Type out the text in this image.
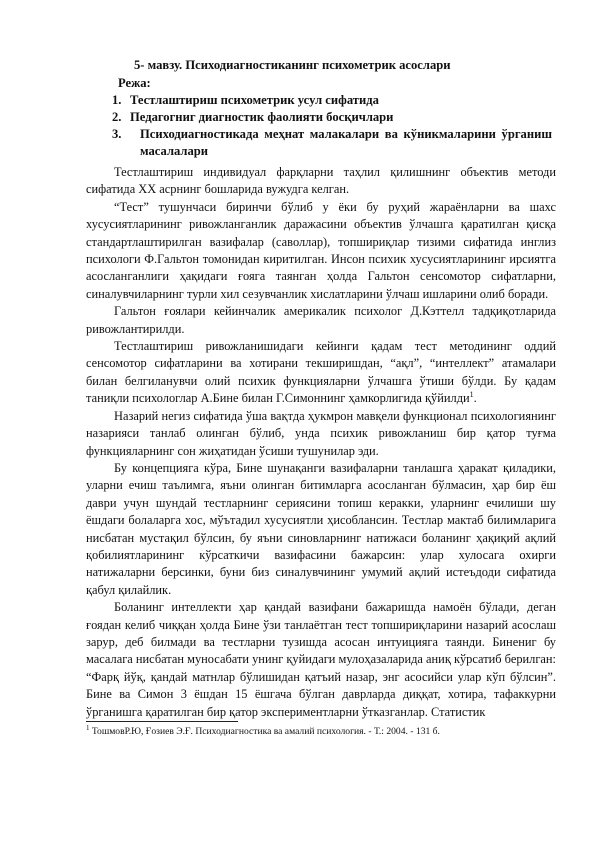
5- мавзу. Психодиагностиканинг психометрик асослари
Режа:
1. Тестлаштириш психометрик усул сифатида
2. Педагогниг диагностик фаолияти босқичлари
3. Психодиагностикада меҳнат малакалари ва кўникмаларини ўрганиш масалалари

Тестлаштириш индивидуал фарқларни таҳлил қилишнинг объектив методи сифатида XX асрнинг бошларида вужудга келган.

“Тест” тушунчаси биринчи бўлиб у ёки бу руҳий жараёнларни ва шахс хусусиятларининг ривожланганлик даражасини объектив ўлчашга қаратилган қисқа стандартлаштирилган вазифалар (саволлар), топшириқлар тизими сифатида инглиз психологи Ф.Гальтон томонидан киритилган. Инсон психик хусусиятларининг ирсиятга асосланганлиги ҳақидаги ғояга таянган ҳолда Гальтон сенсомотор сифатларни, синалувчиларнинг турли хил сезувчанлик хислатларини ўлчаш ишларини олиб боради.

Гальтон ғоялари кейинчалик америкалик психолог Д.Кэттелл тадқиқотларида ривожлантирилди.

Тестлаштириш ривожланишидаги кейинги қадам тест методининг оддий сенсомотор сифатларини ва хотирани текширишдан, “ақл”, “интеллект” атамалари билан белгиланувчи олий психик функцияларни ўлчашга ўтиши бўлди. Бу қадам таниқли психологлар А.Бине билан Г.Симоннинг ҳамкорлигида қўйилди$^1$.

Назарий негиз сифатида ўша вақтда ҳукмрон мавқели функционал психологиянинг назарияси танлаб олинган бўлиб, унда психик ривожланиш бир қатор туғма функцияларнинг сон жиҳатидан ўсиши тушунилар эди.

Бу концепцияга кўра, Бине шунақанги вазифаларни танлашга ҳаракат қиладики, уларни ечиш таълимга, яъни олинган битимларга асосланган бўлмасин, ҳар бир ёш даври учун шундай тестларнинг сериясини топиш керакки, уларнинг ечилиши шу ёшдаги болаларга хос, мўътадил хусусиятли ҳисоблансин. Тестлар мактаб билимларига нисбатан мустақил бўлсин, бу яъни синовларнинг натижаси боланинг ҳақиқий ақлий қобилиятларининг кўрсаткичи вазифасини бажарсин: улар хулосага охирги натижаларни берсинки, буни биз синалувчининг умумий ақлий истеъдоди сифатида қабул қилайлик.

Боланинг интеллекти ҳар қандай вазифани бажаришда намоён бўлади, деган ғоядан келиб чиққан ҳолда Бине ўзи танлаётган тест топшириқларини назарий асослаш зарур, деб билмади ва тестларни тузишда асосан интуицияга таянди. Бинениг бу масалага нисбатан муносабати унинг қуйидаги мулоҳазаларида аниқ кўрсатиб берилган: “Фарқ йўқ, қандай матнлар бўлишидан қатъий назар, энг асосийси улар кўп бўлсин”. Бине ва Симон 3 ёшдан 15 ёшгача бўлган даврларда диққат, хотира, тафаккурни ўрганишга қаратилган бир қатор экспериментларни ўтказганлар. Статистик

$^1$ ТошмовР.Ю, Ғозиев Э.Ғ. Психодиагностика ва амалий психология. - Т.: 2004. - 131 б.
